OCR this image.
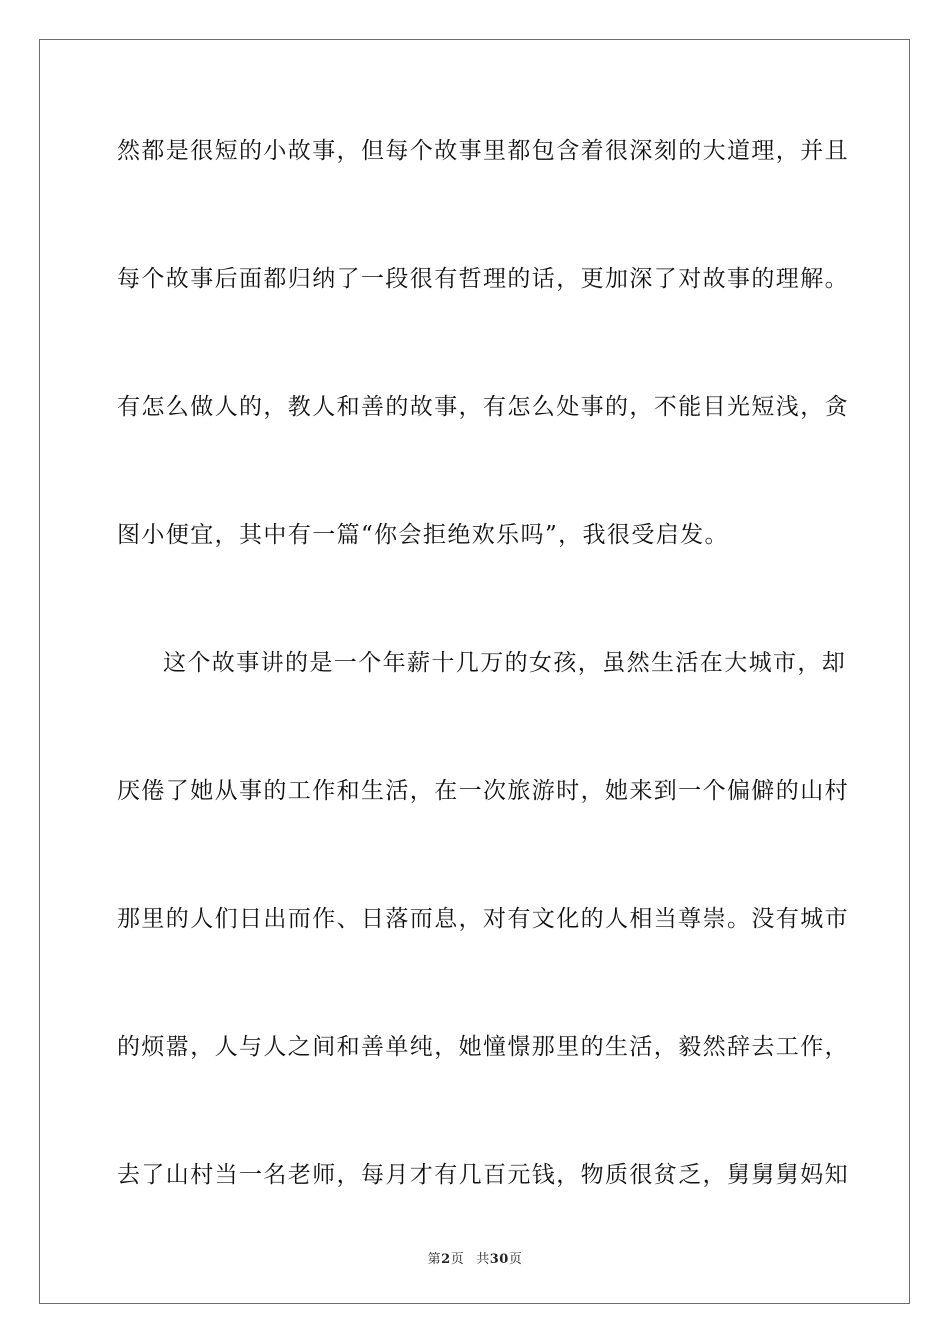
然都是很短的小故事，但每个故事里都包含着很深刻的大道理，并且
每个故事后面都归纳了一段很有哲理的话，更加深了对故事的理解。
有怎么做人的，教人和善的故事，有怎么处事的，不能目光短浅，贪
图小便宜，其中有一篇“你会拒绝欢乐吗”，我很受启发。
这个故事讲的是一个年薪十几万的女孩，虽然生活在大城市，却
厌倦了她从事的工作和生活，在一次旅游时，她来到一个偏僻的山村
那里的人们日出而作、日落而息，对有文化的人相当尊崇。没有城市
的烦嚣，人与人之间和善单纯，她憧憬那里的生活，毅然辞去工作，
去了山村当一名老师，每月才有几百元钱，物质很贫乏，舅舅舅妈知
第2页 共30页
